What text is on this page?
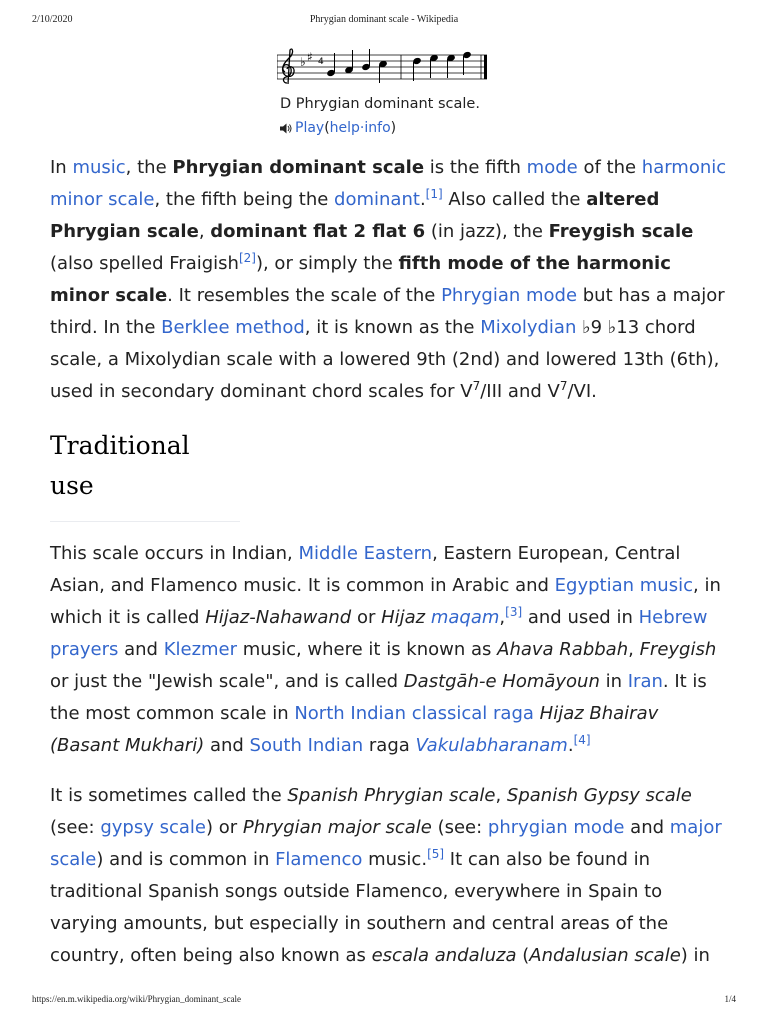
2/10/2020	Phrygian dominant scale - Wikipedia
♭ ♯ 4
D Phrygian dominant scale.
Play ( help·info )

In music, the Phrygian dominant scale is the fifth mode of the harmonic minor scale, the fifth being the dominant.[1] Also called the altered Phrygian scale, dominant flat 2 flat 6 (in jazz), the Freygish scale (also spelled Fraigish[2]), or simply the fifth mode of the harmonic minor scale. It resembles the scale of the Phrygian mode but has a major third. In the Berklee method, it is known as the Mixolydian ♭9 ♭13 chord scale, a Mixolydian scale with a lowered 9th (2nd) and lowered 13th (6th), used in secondary dominant chord scales for $V^7$/III and $V^7/VI$.

Traditional use

This scale occurs in Indian, Middle Eastern, Eastern European, Central Asian, and Flamenco music. It is common in Arabic and Egyptian music, in which it is called Hijaz-Nahawand or Hijaz maqam,[3] and used in Hebrew prayers and Klezmer music, where it is known as Ahava Rabbah, Freygish or just the "Jewish scale", and is called Dastgāh-e Homāyoun in Iran. It is the most common scale in North Indian classical raga Hijaz Bhairav (Basant Mukhari) and South Indian raga Vakulabharanam.[4]

It is sometimes called the Spanish Phrygian scale, Spanish Gypsy scale (see: gypsy scale) or Phrygian major scale (see: phrygian mode and major scale) and is common in Flamenco music.[5] It can also be found in traditional Spanish songs outside Flamenco, everywhere in Spain to varying amounts, but especially in southern and central areas of the country, often being also known as escala andaluza (Andalusian scale) in

https://en.m.wikipedia.org/wiki/Phrygian_dominant_scale	1/4
